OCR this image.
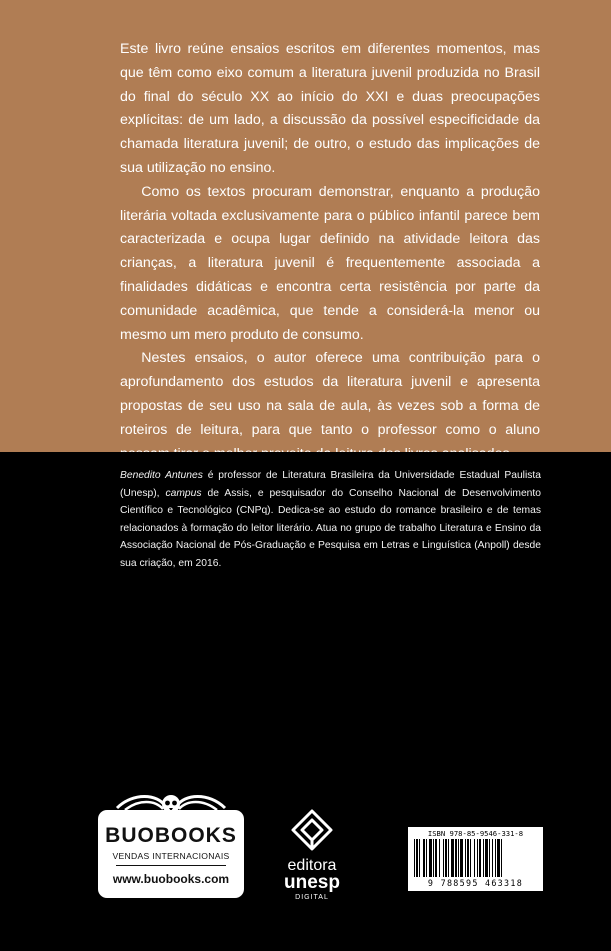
Este livro reúne ensaios escritos em diferentes momentos, mas que têm como eixo comum a literatura juvenil produzida no Brasil do final do século XX ao início do XXI e duas preocupações explícitas: de um lado, a discussão da possível especificidade da chamada literatura juvenil; de outro, o estudo das implicações de sua utilização no ensino.

Como os textos procuram demonstrar, enquanto a produção literária voltada exclusivamente para o público infantil parece bem caracterizada e ocupa lugar definido na atividade leitora das crianças, a literatura juvenil é frequentemente associada a finalidades didáticas e encontra certa resistência por parte da comunidade acadêmica, que tende a considerá-la menor ou mesmo um mero produto de consumo.

Nestes ensaios, o autor oferece uma contribuição para o aprofundamento dos estudos da literatura juvenil e apresenta propostas de seu uso na sala de aula, às vezes sob a forma de roteiros de leitura, para que tanto o professor como o aluno

Benedito Antunes é professor de Literatura Brasileira da Universidade Estadual Paulista (Unesp), campus de Assis, e pesquisador do Conselho Nacional de Desenvolvimento Científico e Tecnológico (CNPq). Dedica-se ao estudo do romance brasileiro e de temas relacionados à formação do leitor literário. Atua no grupo de trabalho Literatura e Ensino da Associação Nacional de Pós-Graduação e Pesquisa em Letras e Linguística (Anpoll) desde sua criação, em 2016.
BUOBOOKS
VENDAS INTERNACIONAIS
www.buobooks.com
editora
unesp
DIGITAL
ISBN 978-85-9546-331-8
9 788595 463318
